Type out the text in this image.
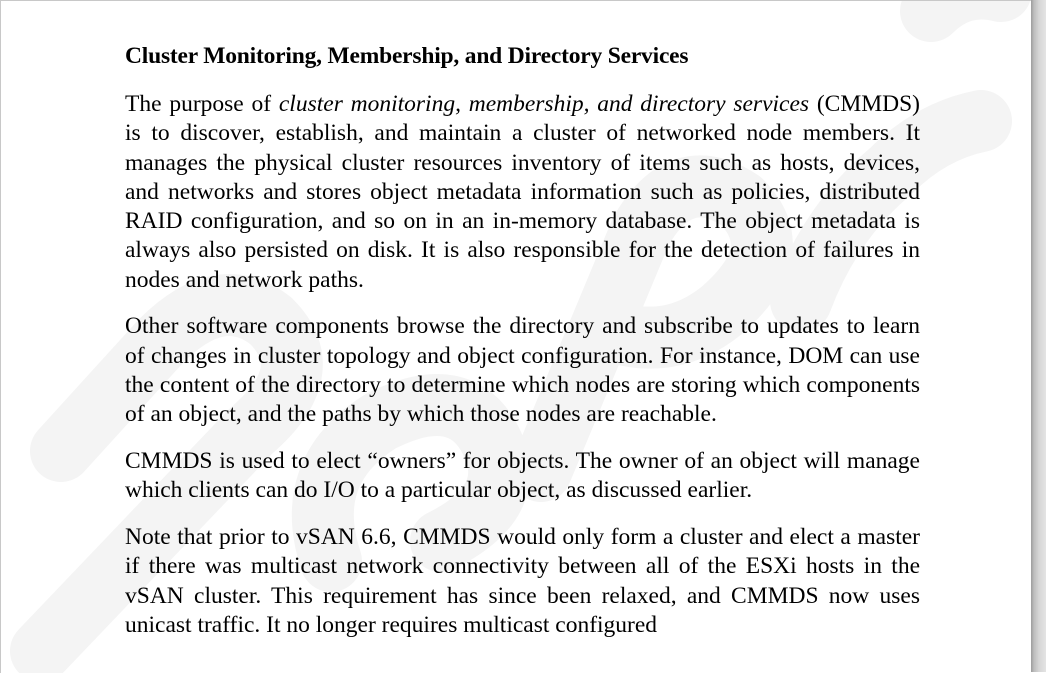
Cluster Monitoring, Membership, and Directory Services

The purpose of cluster monitoring, membership, and directory services (CMMDS) is to discover, establish, and maintain a cluster of networked node members. It manages the physical cluster resources inventory of items such as hosts, devices, and networks and stores object metadata information such as policies, distributed RAID configuration, and so on in an in-memory database. The object metadata is always also persisted on disk. It is also responsible for the detection of failures in nodes and network paths.

Other software components browse the directory and subscribe to updates to learn of changes in cluster topology and object configuration. For instance, DOM can use the content of the directory to determine which nodes are storing which components of an object, and the paths by which those nodes are reachable.

CMMDS is used to elect “owners” for objects. The owner of an object will manage which clients can do I/O to a particular object, as discussed earlier.

Note that prior to vSAN 6.6, CMMDS would only form a cluster and elect a master if there was multicast network connectivity between all of the ESXi hosts in the vSAN cluster. This requirement has since been relaxed, and CMMDS now uses unicast traffic. It no longer requires multicast configured
